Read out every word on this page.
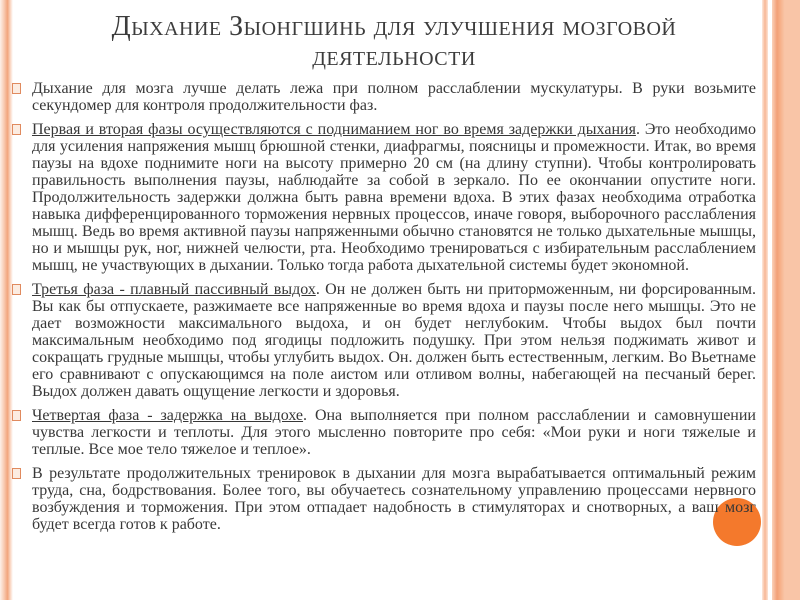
Дыхание Зыонгшинь для улучшения мозговой деятельности
Дыхание для мозга лучше делать лежа при полном расслаблении мускулатуры. В руки возьмите секундомер для контроля продолжительности фаз.
Первая и вторая фазы осуществляются с подниманием ног во время задержки дыхания. Это необходимо для усиления напряжения мышц брюшной стенки, диафрагмы, поясницы и промежности. Итак, во время паузы на вдохе поднимите ноги на высоту примерно 20 см (на длину ступни). Чтобы контролировать правильность выполнения паузы, наблюдайте за собой в зеркало. По ее окончании опустите ноги. Продолжительность задержки должна быть равна времени вдоха. В этих фазах необходима отработка навыка дифференцированного торможения нервных процессов, иначе говоря, выборочного расслабления мышц. Ведь во время активной паузы напряженными обычно становятся не только дыхательные мышцы, но и мышцы рук, ног, нижней челюсти, рта. Необходимо тренироваться с избирательным расслаблением мышц, не участвующих в дыхании. Только тогда работа дыхательной системы будет экономной.
Третья фаза - плавный пассивный выдох. Он не должен быть ни приторможенным, ни форсированным. Вы как бы отпускаете, разжимаете все напряженные во время вдоха и паузы после него мышцы. Это не дает возможности максимального выдоха, и он будет неглубоким. Чтобы выдох был почти максимальным необходимо под ягодицы подложить подушку. При этом нельзя поджимать живот и сокращать грудные мышцы, чтобы углубить выдох. Он. должен быть естественным, легким. Во Вьетнаме его сравнивают с опускающимся на поле аистом или отливом волны, набегающей на песчаный берег. Выдох должен давать ощущение легкости и здоровья.
Четвертая фаза - задержка на выдохе. Она выполняется при полном расслаблении и самовнушении чувства легкости и теплоты. Для этого мысленно повторите про себя: «Мои руки и ноги тяжелые и теплые. Все мое тело тяжелое и теплое».
В результате продолжительных тренировок в дыхании для мозга вырабатывается оптимальный режим труда, сна, бодрствования. Более того, вы обучаетесь сознательному управлению процессами нервного возбуждения и торможения. При этом отпадает надобность в стимуляторах и снотворных, а ваш мозг будет всегда готов к работе.
